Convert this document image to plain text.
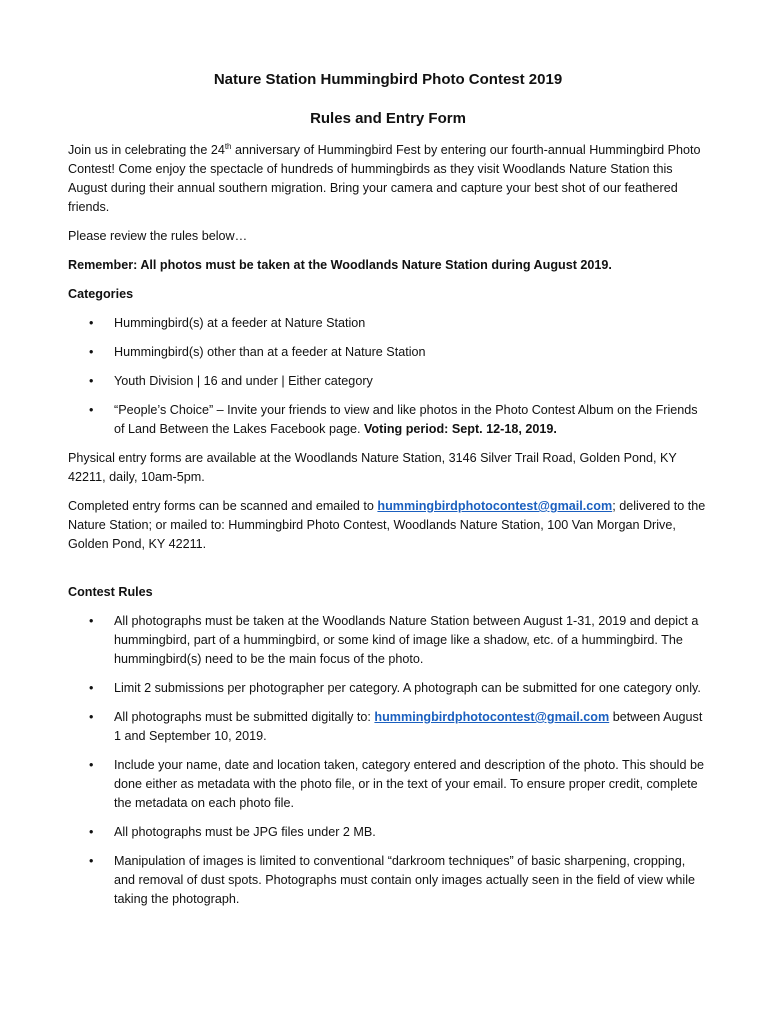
Nature Station Hummingbird Photo Contest 2019
Rules and Entry Form

Join us in celebrating the 24th anniversary of Hummingbird Fest by entering our fourth-annual Hummingbird Photo Contest! Come enjoy the spectacle of hundreds of hummingbirds as they visit Woodlands Nature Station this August during their annual southern migration. Bring your camera and capture your best shot of our feathered friends.

Please review the rules below…

Remember: All photos must be taken at the Woodlands Nature Station during August 2019.

Categories

• Hummingbird(s) at a feeder at Nature Station
• Hummingbird(s) other than at a feeder at Nature Station
• Youth Division | 16 and under | Either category
• “People’s Choice” – Invite your friends to view and like photos in the Photo Contest Album on the Friends of Land Between the Lakes Facebook page. Voting period: Sept. 12-18, 2019.

Physical entry forms are available at the Woodlands Nature Station, 3146 Silver Trail Road, Golden Pond, KY 42211, daily, 10am-5pm.

Completed entry forms can be scanned and emailed to hummingbirdphotocontest@gmail.com; delivered to the Nature Station; or mailed to: Hummingbird Photo Contest, Woodlands Nature Station, 100 Van Morgan Drive, Golden Pond, KY 42211.

Contest Rules

• All photographs must be taken at the Woodlands Nature Station between August 1-31, 2019 and depict a hummingbird, part of a hummingbird, or some kind of image like a shadow, etc. of a hummingbird. The hummingbird(s) need to be the main focus of the photo.
• Limit 2 submissions per photographer per category. A photograph can be submitted for one category only.
• All photographs must be submitted digitally to: hummingbirdphotocontest@gmail.com between August 1 and September 10, 2019.
• Include your name, date and location taken, category entered and description of the photo. This should be done either as metadata with the photo file, or in the text of your email. To ensure proper credit, complete the metadata on each photo file.
• All photographs must be JPG files under 2 MB.
• Manipulation of images is limited to conventional “darkroom techniques” of basic sharpening, cropping, and removal of dust spots. Photographs must contain only images actually seen in the field of view while taking the photograph.
